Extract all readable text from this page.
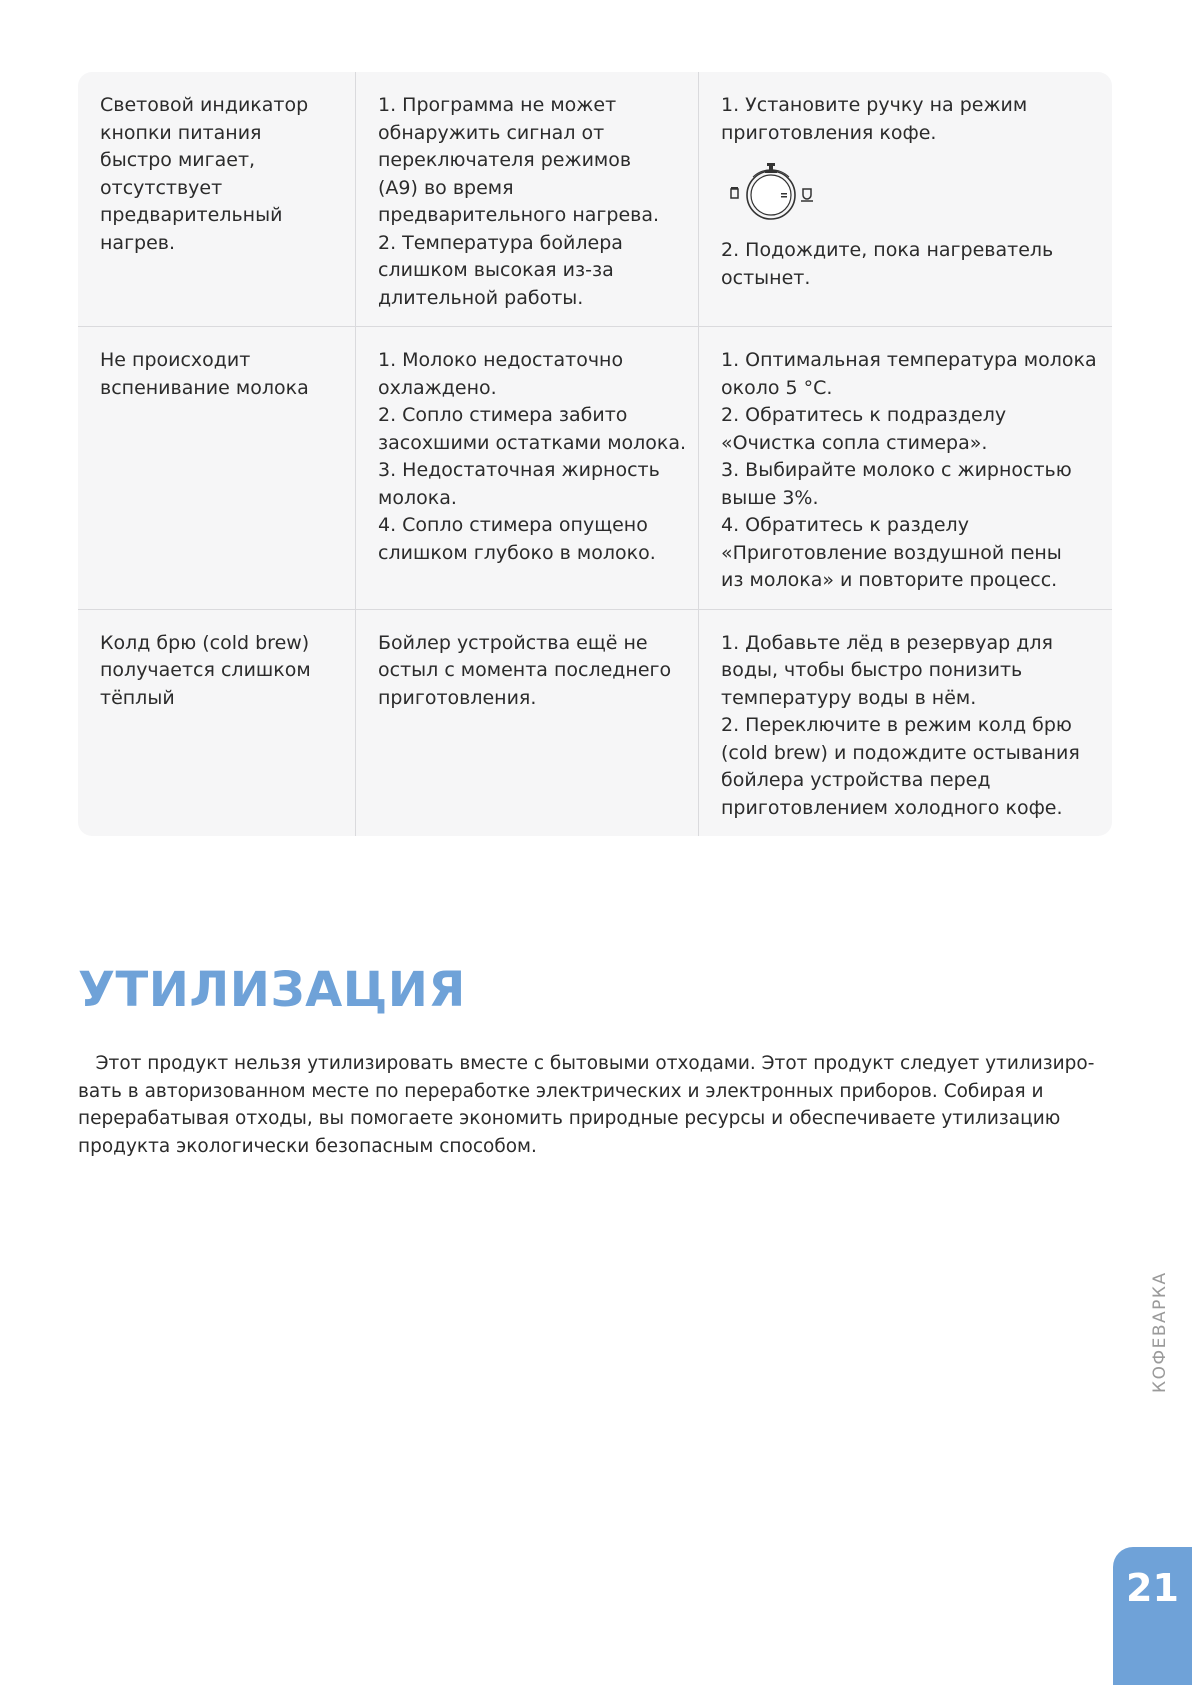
Световой индикатор
кнопки питания
быстро мигает,
отсутствует
предварительный
нагрев.
1. Программа не может
обнаружить сигнал от
переключателя режимов
(А9) во время
предварительного нагрева.
2. Температура бойлера
слишком высокая из-за
длительной работы.
1. Установите ручку на режим
приготовления кофе.
2. Подождите, пока нагреватель
остынет.
Не происходит
вспенивание молока
1. Молоко недостаточно
охлаждено.
2. Сопло стимера забито
засохшими остатками молока.
3. Недостаточная жирность
молока.
4. Сопло стимера опущено
слишком глубоко в молоко.
1. Оптимальная температура молока
около 5 °С.
2. Обратитесь к подразделу
«Очистка сопла стимера».
3. Выбирайте молоко с жирностью
выше 3%.
4. Обратитесь к разделу
«Приготовление воздушной пены
из молока» и повторите процесс.
Колд брю (cold brew)
получается слишком
тёплый
Бойлер устройства ещё не
остыл с момента последнего
приготовления.
1. Добавьте лёд в резервуар для
воды, чтобы быстро понизить
температуру воды в нём.
2. Переключите в режим колд брю
(cold brew) и подождите остывания
бойлера устройства перед
приготовлением холодного кофе.
УТИЛИЗАЦИЯ
Этот продукт нельзя утилизировать вместе с бытовыми отходами. Этот продукт следует утилизиро-
вать в авторизованном месте по переработке электрических и электронных приборов. Собирая и
перерабатывая отходы, вы помогаете экономить природные ресурсы и обеспечиваете утилизацию
продукта экологически безопасным способом.
КОФЕВАРКА
21
